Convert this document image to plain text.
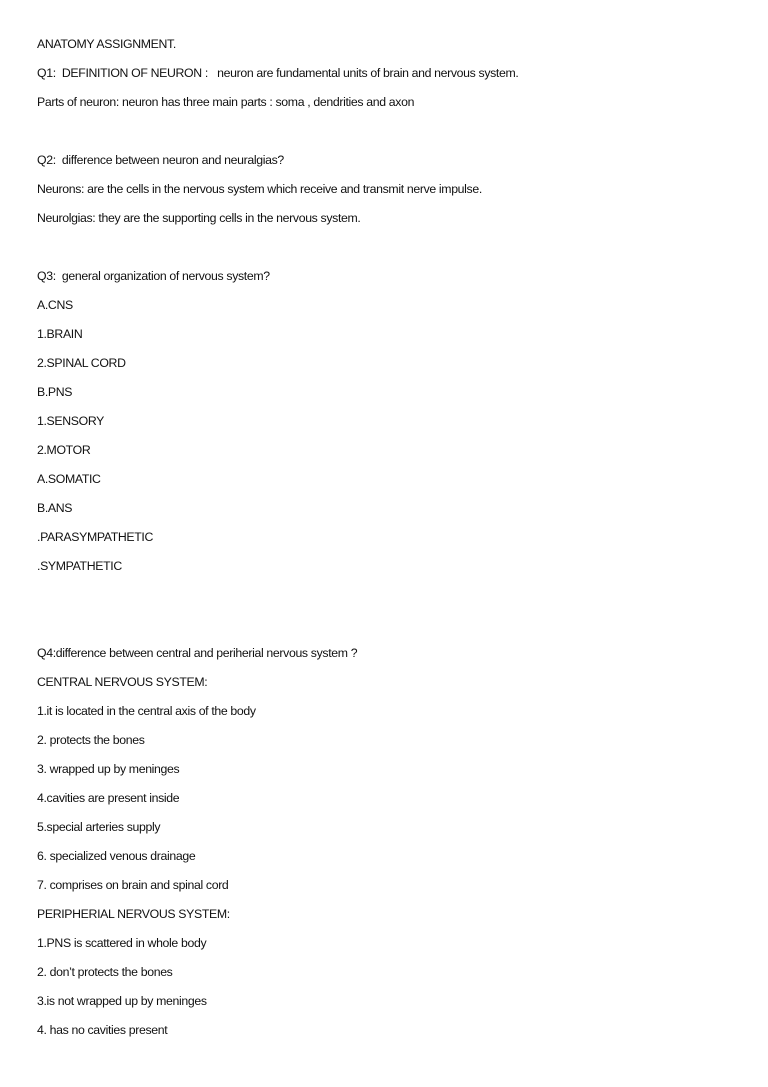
ANATOMY ASSIGNMENT.
Q1:  DEFINITION OF NEURON :   neuron are fundamental units of brain and nervous system.
Parts of neuron: neuron has three main parts : soma , dendrities and axon
Q2:  difference between neuron and neuralgias?
Neurons: are the cells in the nervous system which receive and transmit nerve impulse.
Neurolgias: they are the supporting cells in the nervous system.
Q3:  general organization of nervous system?
A.CNS
1.BRAIN
2.SPINAL CORD
B.PNS
1.SENSORY
2.MOTOR
A.SOMATIC
B.ANS
.PARASYMPATHETIC
.SYMPATHETIC
Q4:difference between central and periherial nervous system ?
CENTRAL NERVOUS SYSTEM:
1.it is located in the central axis of the body
2. protects the bones
3. wrapped up by meninges
4.cavities are present inside
5.special arteries supply
6. specialized venous drainage
7. comprises on brain and spinal cord
PERIPHERIAL NERVOUS SYSTEM:
1.PNS is scattered in whole body
2. don’t protects the bones
3.is not wrapped up by meninges
4. has no cavities present
